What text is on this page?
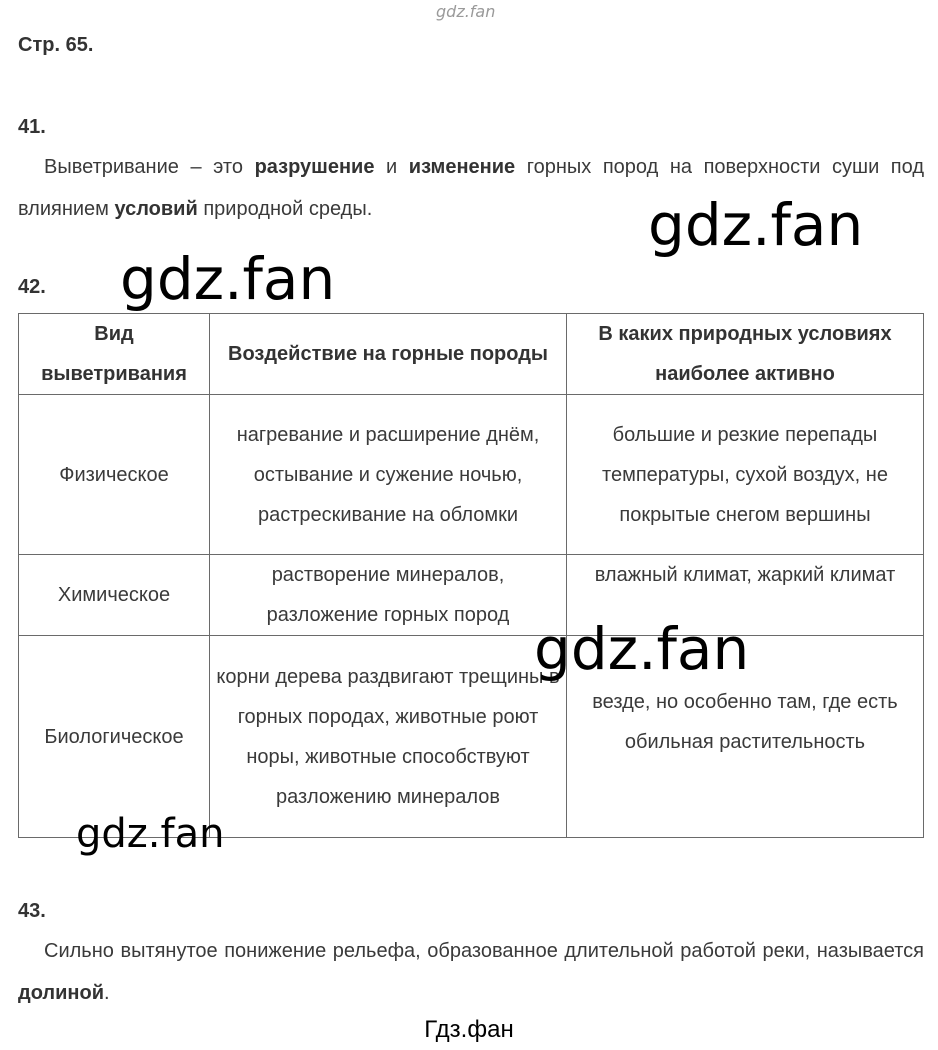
gdz.fan
Стр. 65.
41.
Выветривание – это разрушение и изменение горных пород на поверхности суши под влиянием условий природной среды.
42.
Вид выветривания	Воздействие на горные породы	В каких природных условиях наиболее активно
Физическое	нагревание и расширение днём, остывание и сужение ночью, растрескивание на обломки	большие и резкие перепады температуры, сухой воздух, не покрытые снегом вершины
Химическое	растворение минералов, разложение горных пород	влажный климат, жаркий климат
Биологическое	корни дерева раздвигают трещины в горных породах, животные роют норы, животные способствуют разложению минералов	везде, но особенно там, где есть обильная растительность
43.
Сильно вытянутое понижение рельефа, образованное длительной работой реки, называется долиной.
gdz.fan
gdz.fan
gdz.fan
gdz.fan
Гдз.фан
